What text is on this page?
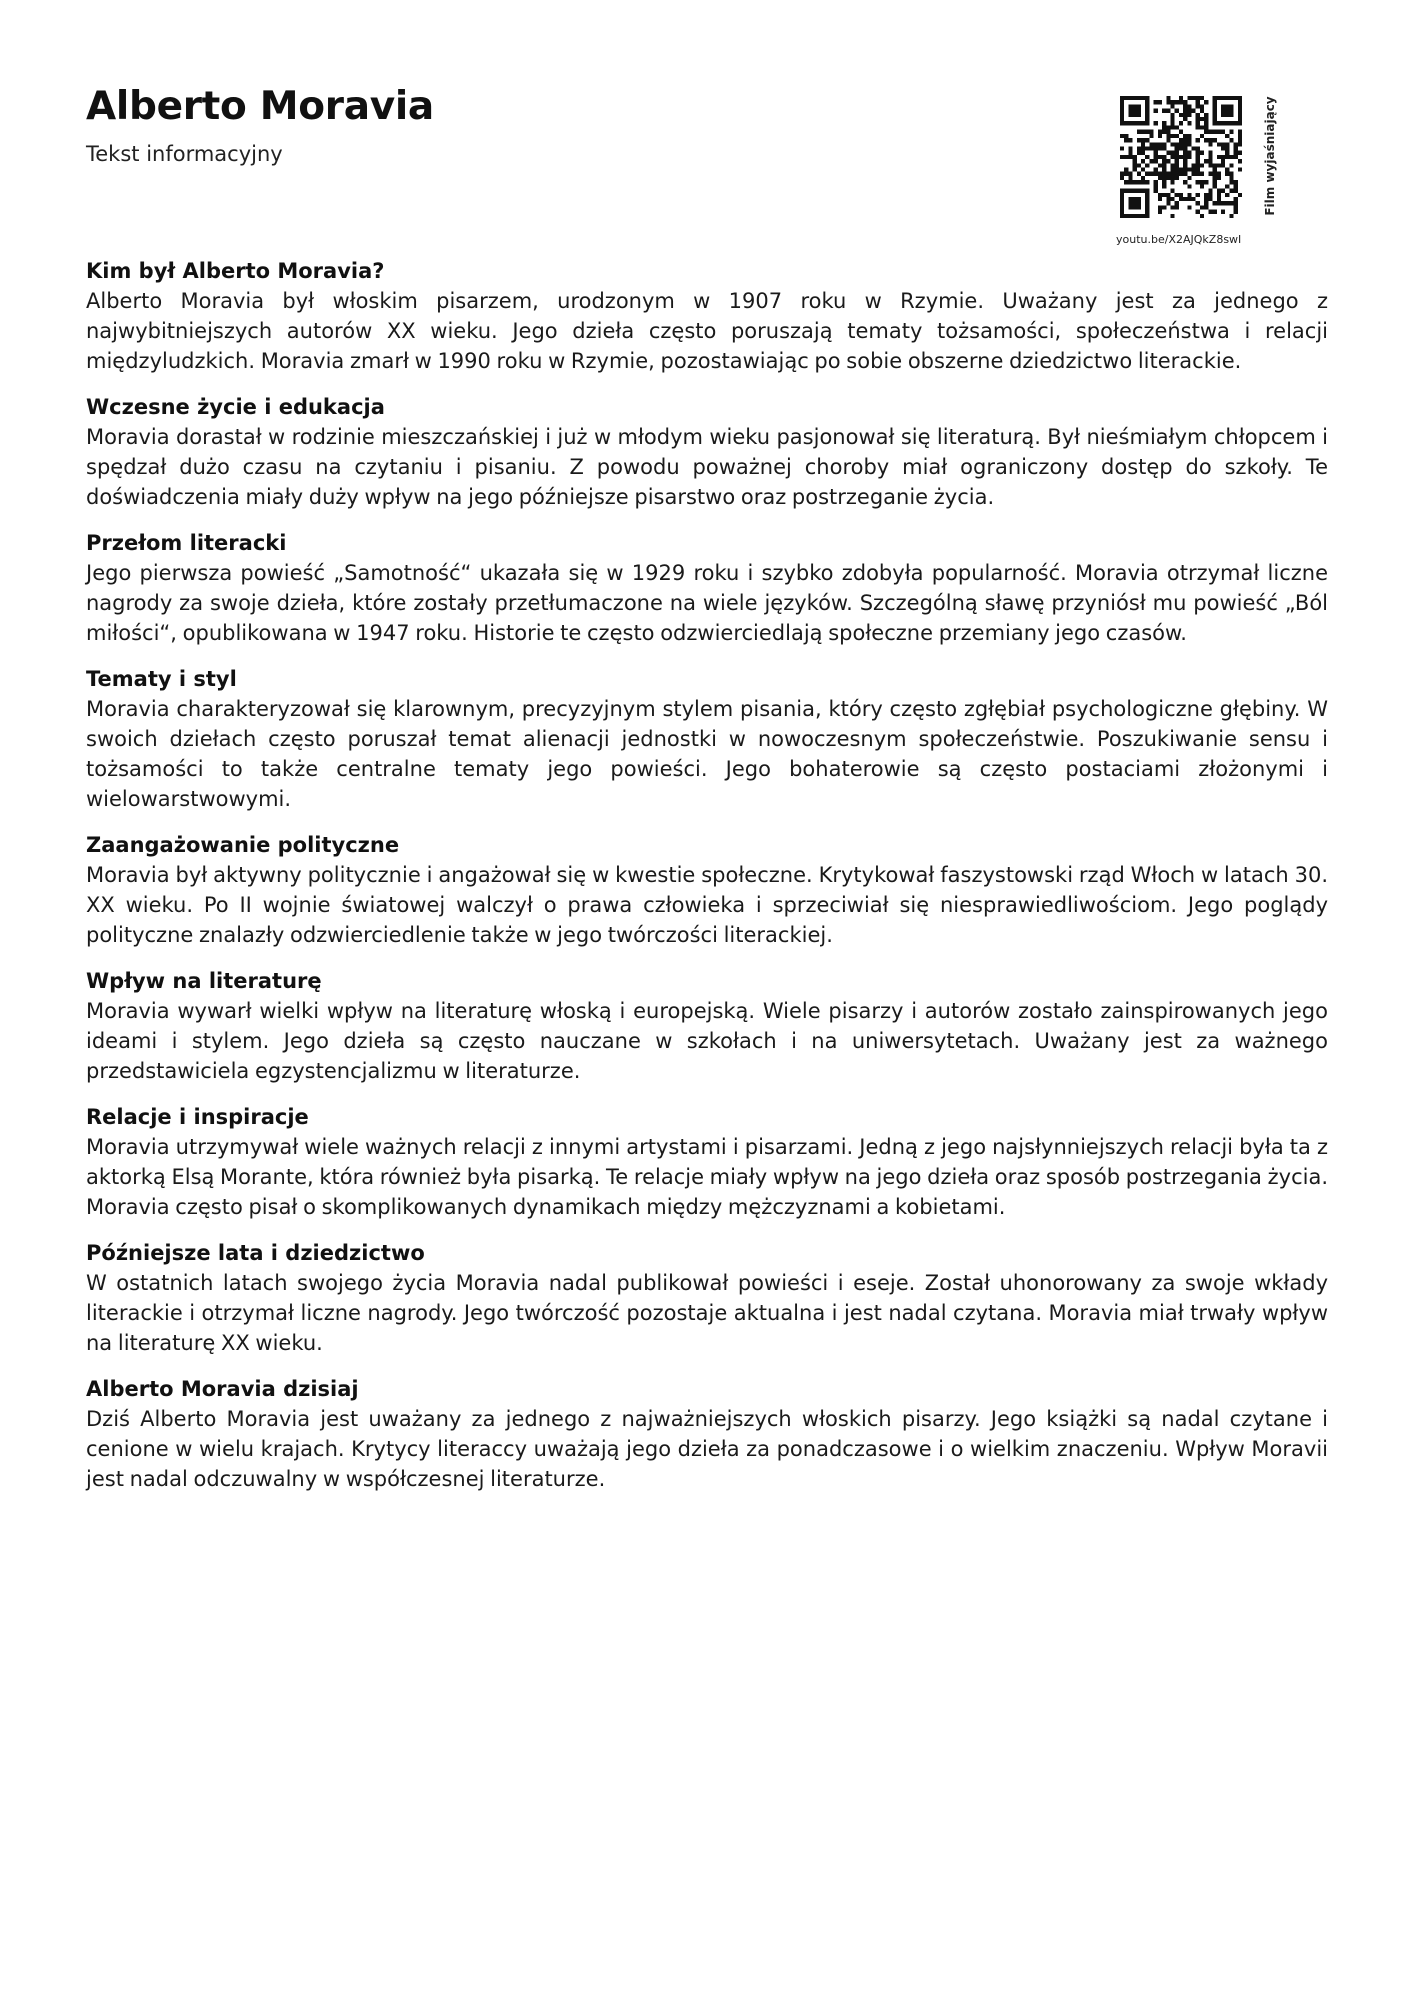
Alberto Moravia
Tekst informacyjny
youtu.be/X2AJQkZ8swI
Film wyjaśniający
Kim był Alberto Moravia?

Alberto Moravia był włoskim pisarzem, urodzonym w 1907 roku w Rzymie. Uważany jest za jednego z najwybitniejszych autorów XX wieku. Jego dzieła często poruszają tematy tożsamości, społeczeństwa i relacji międzyludzkich. Moravia zmarł w 1990 roku w Rzymie, pozostawiając po sobie obszerne dziedzictwo literackie.

Wczesne życie i edukacja

Moravia dorastał w rodzinie mieszczańskiej i już w młodym wieku pasjonował się literaturą. Był nieśmiałym chłopcem i spędzał dużo czasu na czytaniu i pisaniu. Z powodu poważnej choroby miał ograniczony dostęp do szkoły. Te doświadczenia miały duży wpływ na jego późniejsze pisarstwo oraz postrzeganie życia.

Przełom literacki

Jego pierwsza powieść „Samotność“ ukazała się w 1929 roku i szybko zdobyła popularność. Moravia otrzymał liczne nagrody za swoje dzieła, które zostały przetłumaczone na wiele języków. Szczególną sławę przyniósł mu powieść „Ból miłości“, opublikowana w 1947 roku. Historie te często odzwierciedlają społeczne przemiany jego czasów.

Tematy i styl

Moravia charakteryzował się klarownym, precyzyjnym stylem pisania, który często zgłębiał psychologiczne głębiny. W swoich dziełach często poruszał temat alienacji jednostki w nowoczesnym społeczeństwie. Poszukiwanie sensu i tożsamości to także centralne tematy jego powieści. Jego bohaterowie są często postaciami złożonymi i wielowarstwowymi.

Zaangażowanie polityczne

Moravia był aktywny politycznie i angażował się w kwestie społeczne. Krytykował faszystowski rząd Włoch w latach 30. XX wieku. Po II wojnie światowej walczył o prawa człowieka i sprzeciwiał się niesprawiedliwościom. Jego poglądy polityczne znalazły odzwierciedlenie także w jego twórczości literackiej.

Wpływ na literaturę

Moravia wywarł wielki wpływ na literaturę włoską i europejską. Wiele pisarzy i autorów zostało zainspirowanych jego ideami i stylem. Jego dzieła są często nauczane w szkołach i na uniwersytetach. Uważany jest za ważnego przedstawiciela egzystencjalizmu w literaturze.

Relacje i inspiracje

Moravia utrzymywał wiele ważnych relacji z innymi artystami i pisarzami. Jedną z jego najsłynniejszych relacji była ta z aktorką Elsą Morante, która również była pisarką. Te relacje miały wpływ na jego dzieła oraz sposób postrzegania życia. Moravia często pisał o skomplikowanych dynamikach między mężczyznami a kobietami.

Późniejsze lata i dziedzictwo

W ostatnich latach swojego życia Moravia nadal publikował powieści i eseje. Został uhonorowany za swoje wkłady literackie i otrzymał liczne nagrody. Jego twórczość pozostaje aktualna i jest nadal czytana. Moravia miał trwały wpływ na literaturę XX wieku.

Alberto Moravia dzisiaj

Dziś Alberto Moravia jest uważany za jednego z najważniejszych włoskich pisarzy. Jego książki są nadal czytane i cenione w wielu krajach. Krytycy literaccy uważają jego dzieła za ponadczasowe i o wielkim znaczeniu. Wpływ Moravii jest nadal odczuwalny w współczesnej literaturze.
